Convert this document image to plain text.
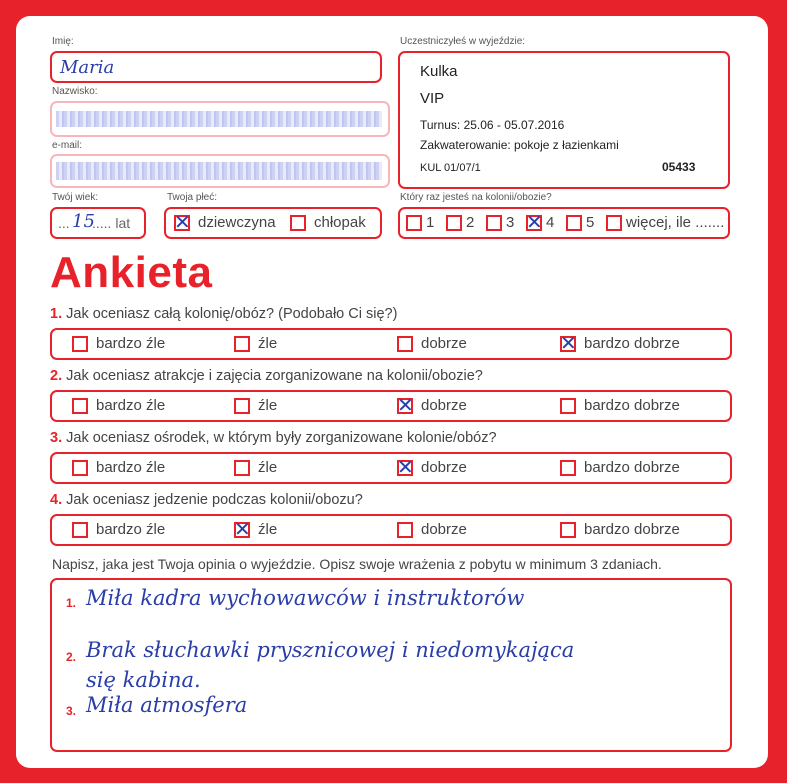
Imię:
Maria
Nazwisko:
e-mail:
Twój wiek:
... 15
..... lat
Twoja płeć:
✕ dziewczyna	chłopak
Uczestniczyłeś w wyjeździe:
Kulka
VIP
Turnus: 25.06 - 05.07.2016
Zakwaterowanie: pokoje z łazienkami
KUL 01/07/1	05433
Który raz jesteś na kolonii/obozie?
1 2 3 ✕ 4 5 więcej, ile .......
Ankieta
1. Jak oceniasz całą kolonię/obóz? (Podobało Ci się?)
bardzo źle	źle	dobrze	✕ bardzo dobrze
2. Jak oceniasz atrakcje i zajęcia zorganizowane na kolonii/obozie?
bardzo źle	źle	✕ dobrze	bardzo dobrze
3. Jak oceniasz ośrodek, w którym były zorganizowane kolonie/obóz?
bardzo źle	źle	✕ dobrze	bardzo dobrze
4. Jak oceniasz jedzenie podczas kolonii/obozu?
bardzo źle	✕ źle	dobrze	bardzo dobrze
Napisz, jaka jest Twoja opinia o wyjeździe. Opisz swoje wrażenia z pobytu w minimum 3 zdaniach.
1. Miła kadra wychowawców i instruktorów
2. Brak słuchawki prysznicowej i niedomykająca
się kabina.
3. Miła atmosfera
